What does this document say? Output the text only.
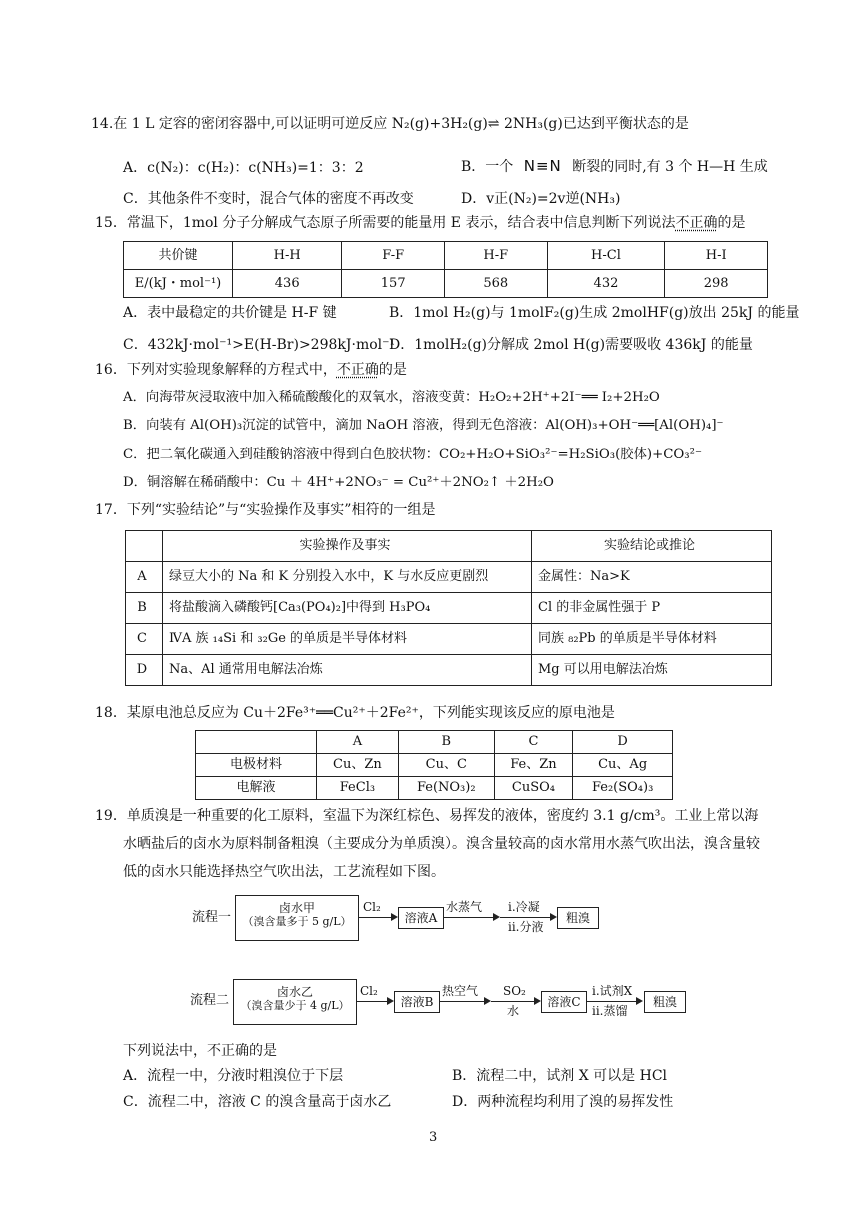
14.在 1 L 定容的密闭容器中,可以证明可逆反应 N₂(g)+3H₂(g)⇌ 2NH₃(g)已达到平衡状态的是
A．c(N₂)：c(H₂)：c(NH₃)=1：3：2	B．一个 N≡N 断裂的同时,有 3 个 H—H 生成
C．其他条件不变时，混合气体的密度不再改变	D．v正(N₂)=2v逆(NH₃)
15．常温下，1mol 分子分解成气态原子所需要的能量用 E 表示，结合表中信息判断下列说法不正确的是
共价键	H-H	F-F	H-F	H-Cl	H-I
E/(kJ・mol⁻¹)	436	157	568	432	298
A．表中最稳定的共价键是 H-F 键	B．1mol H₂(g)与 1molF₂(g)生成 2molHF(g)放出 25kJ 的能量
C．432kJ·mol⁻¹>E(H-Br)>298kJ·mol⁻¹
D．1molH₂(g)分解成 2mol H(g)需要吸收 436kJ 的能量
16．下列对实验现象解释的方程式中，不正确的是
A．向海带灰浸取液中加入稀硫酸酸化的双氧水，溶液变黄：H₂O₂+2H⁺+2I⁻══ I₂+2H₂O
B．向装有 Al(OH)₃沉淀的试管中，滴加 NaOH 溶液，得到无色溶液：Al(OH)₃+OH⁻══[Al(OH)₄]⁻
C．把二氧化碳通入到硅酸钠溶液中得到白色胶状物：CO₂+H₂O+SiO₃²⁻=H₂SiO₃(胶体)+CO₃²⁻
D．铜溶解在稀硝酸中：Cu ＋ 4H⁺+2NO₃⁻ = Cu²⁺＋2NO₂↑ ＋2H₂O
17．下列“实验结论”与“实验操作及事实”相符的一组是
	实验操作及事实	实验结论或推论
A	绿豆大小的 Na 和 K 分别投入水中，K 与水反应更剧烈	金属性：Na>K
B	将盐酸滴入磷酸钙[Ca₃(PO₄)₂]中得到 H₃PO₄	Cl 的非金属性强于 P
C	ⅣA 族 ₁₄Si 和 ₃₂Ge 的单质是半导体材料	同族 ₈₂Pb 的单质是半导体材料
D	Na、Al 通常用电解法冶炼	Mg 可以用电解法冶炼
18．某原电池总反应为 Cu＋2Fe³⁺══Cu²⁺＋2Fe²⁺，下列能实现该反应的原电池是
	A	B	C	D
电极材料	Cu、Zn	Cu、C	Fe、Zn	Cu、Ag
电解液	FeCl₃	Fe(NO₃)₂	CuSO₄	Fe₂(SO₄)₃
19．单质溴是一种重要的化工原料，室温下为深红棕色、易挥发的液体，密度约 3.1 g/cm³。工业上常以海
水晒盐后的卤水为原料制备粗溴（主要成分为单质溴）。溴含量较高的卤水常用水蒸气吹出法，溴含量较
低的卤水只能选择热空气吹出法，工艺流程如下图。
流程一
卤水甲
（溴含量多于 5 g/L）
Cl₂
溶液A
水蒸气 i.冷凝
ii.分液
粗溴
流程二
卤水乙
（溴含量少于 4 g/L）
Cl₂
溶液B
热空气 SO₂
水
溶液C
i.试剂X
ii.蒸馏
粗溴
下列说法中，不正确的是
A．流程一中，分液时粗溴位于下层	B．流程二中，试剂 X 可以是 HCl
C．流程二中，溶液 C 的溴含量高于卤水乙	D．两种流程均利用了溴的易挥发性
3
